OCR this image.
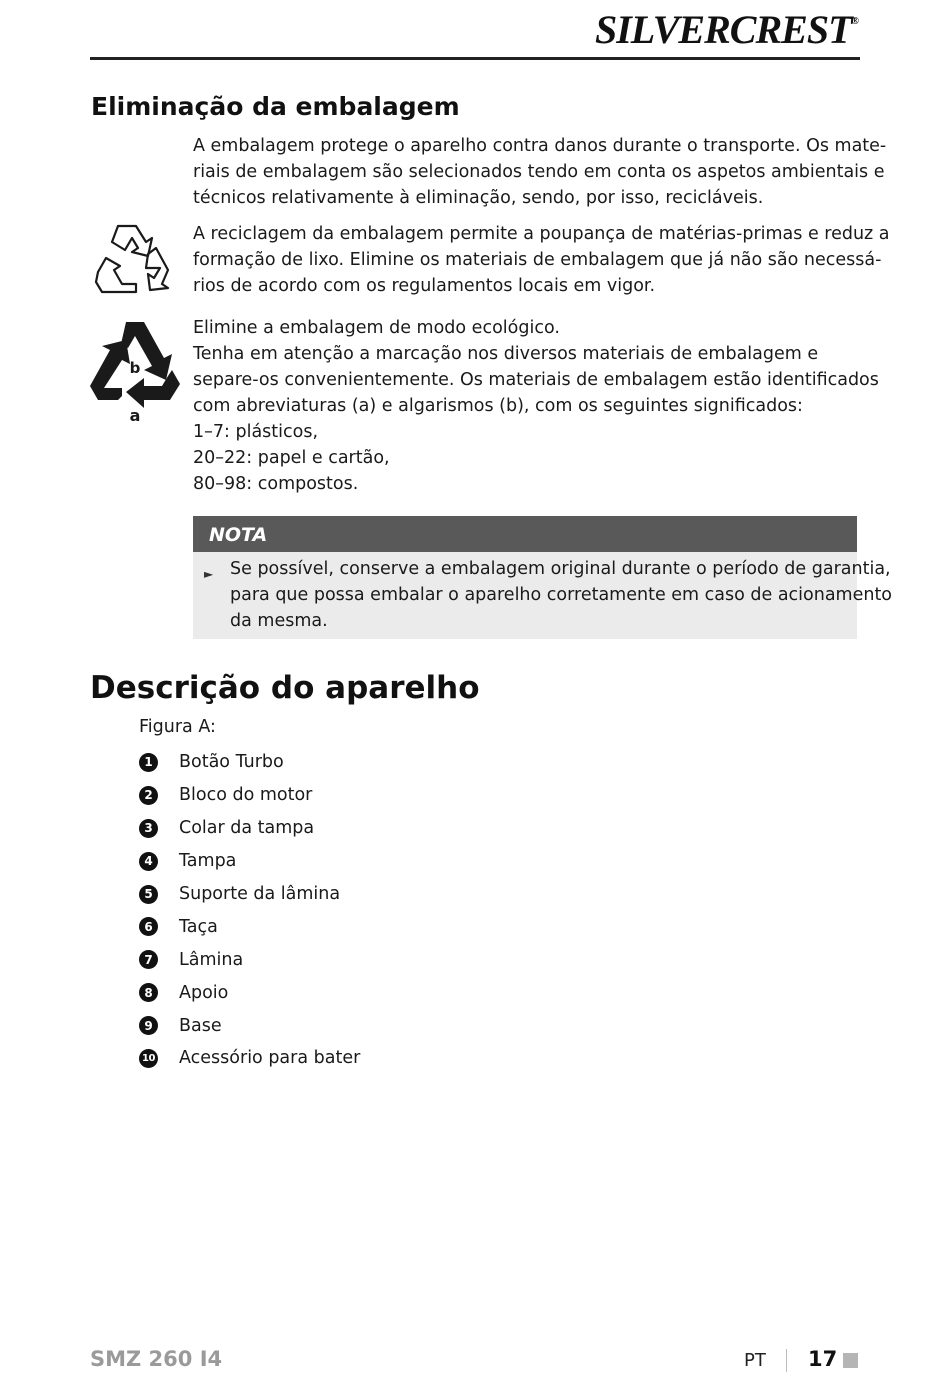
SILVERCREST®
Eliminação da embalagem

A embalagem protege o aparelho contra danos durante o transporte. Os mate-
riais de embalagem são selecionados tendo em conta os aspetos ambientais e
técnicos relativamente à eliminação, sendo, por isso, recicláveis.

A reciclagem da embalagem permite a poupança de matérias-primas e reduz a
formação de lixo. Elimine os materiais de embalagem que já não são necessá-
rios de acordo com os regulamentos locais em vigor.

b
a

Elimine a embalagem de modo ecológico.
Tenha em atenção a marcação nos diversos materiais de embalagem e
separe-os convenientemente. Os materiais de embalagem estão identificados
com abreviaturas (a) e algarismos (b), com os seguintes significados:
1–7: plásticos,
20–22: papel e cartão,
80–98: compostos.

NOTA
► Se possível, conserve a embalagem original durante o período de garantia,
para que possa embalar o aparelho corretamente em caso de acionamento
da mesma.
Descrição do aparelho

Figura A:

1	Botão Turbo
2	Bloco do motor
3	Colar da tampa
4	Tampa
5	Suporte da lâmina
6	Taça
7	Lâmina
8	Apoio
9	Base
10 Acessório para bater
SMZ 260 I4	PT 17
